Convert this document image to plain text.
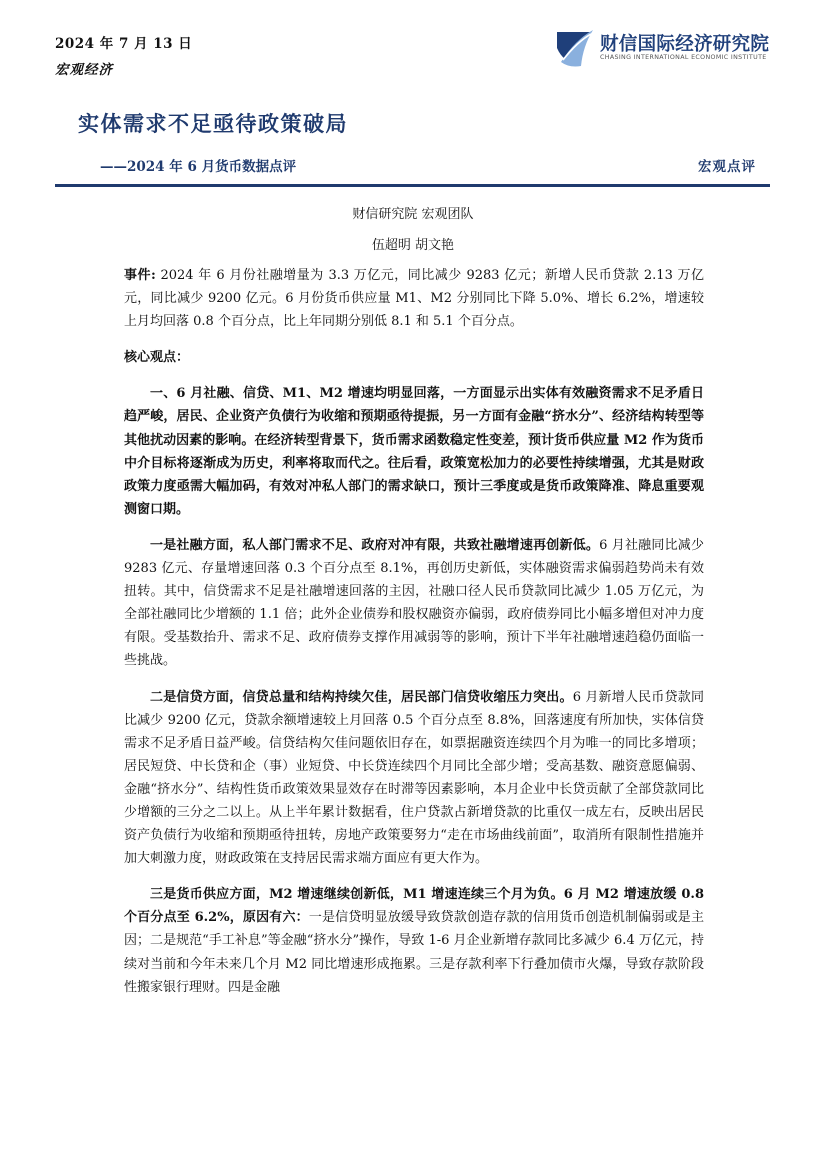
2024 年 7 月 13 日
宏观经济
财信国际经济研究院
CHASING INTERNATIONAL ECONOMIC INSTITUTE
实体需求不足亟待政策破局
——2024 年 6 月货币数据点评	宏观点评
财信研究院 宏观团队
伍超明 胡文艳

事件: 2024 年 6 月份社融增量为 3.3 万亿元，同比减少 9283 亿元；新增人民币贷款 2.13 万亿元，同比减少 9200 亿元。6 月份货币供应量 M1、M2 分别同比下降 5.0%、增长 6.2%，增速较上月均回落 0.8 个百分点，比上年同期分别低 8.1 和 5.1 个百分点。

核心观点：

一、6 月社融、信贷、M1、M2 增速均明显回落，一方面显示出实体有效融资需求不足矛盾日趋严峻，居民、企业资产负债行为收缩和预期亟待提振，另一方面有金融“挤水分”、经济结构转型等其他扰动因素的影响。在经济转型背景下，货币需求函数稳定性变差，预计货币供应量 M2 作为货币中介目标将逐渐成为历史，利率将取而代之。往后看，政策宽松加力的必要性持续增强，尤其是财政政策力度亟需大幅加码，有效对冲私人部门的需求缺口，预计三季度或是货币政策降准、降息重要观测窗口期。

一是社融方面，私人部门需求不足、政府对冲有限，共致社融增速再创新低。6 月社融同比减少 9283 亿元、存量增速回落 0.3 个百分点至 8.1%，再创历史新低，实体融资需求偏弱趋势尚未有效扭转。其中，信贷需求不足是社融增速回落的主因，社融口径人民币贷款同比减少 1.05 万亿元，为全部社融同比少增额的 1.1 倍；此外企业债券和股权融资亦偏弱，政府债券同比小幅多增但对冲力度有限。受基数抬升、需求不足、政府债券支撑作用减弱等的影响，预计下半年社融增速趋稳仍面临一些挑战。

二是信贷方面，信贷总量和结构持续欠佳，居民部门信贷收缩压力突出。6 月新增人民币贷款同比减少 9200 亿元，贷款余额增速较上月回落 0.5 个百分点至 8.8%，回落速度有所加快，实体信贷需求不足矛盾日益严峻。信贷结构欠佳问题依旧存在，如票据融资连续四个月为唯一的同比多增项；居民短贷、中长贷和企（事）业短贷、中长贷连续四个月同比全部少增；受高基数、融资意愿偏弱、金融“挤水分”、结构性货币政策效果显效存在时滞等因素影响，本月企业中长贷贡献了全部贷款同比少增额的三分之二以上。从上半年累计数据看，住户贷款占新增贷款的比重仅一成左右，反映出居民资产负债行为收缩和预期亟待扭转，房地产政策要努力“走在市场曲线前面”，取消所有限制性措施并加大刺激力度，财政政策在支持居民需求端方面应有更大作为。

三是货币供应方面，M2 增速继续创新低，M1 增速连续三个月为负。6 月 M2 增速放缓 0.8 个百分点至 6.2%，原因有六：一是信贷明显放缓导致贷款创造存款的信用货币创造机制偏弱或是主因；二是规范“手工补息”等金融“挤水分”操作，导致 1-6 月企业新增存款同比多减少 6.4 万亿元，持续对当前和今年未来几个月 M2 同比增速形成拖累。三是存款利率下行叠加债市火爆，导致存款阶段性搬家银行理财。四是金融
